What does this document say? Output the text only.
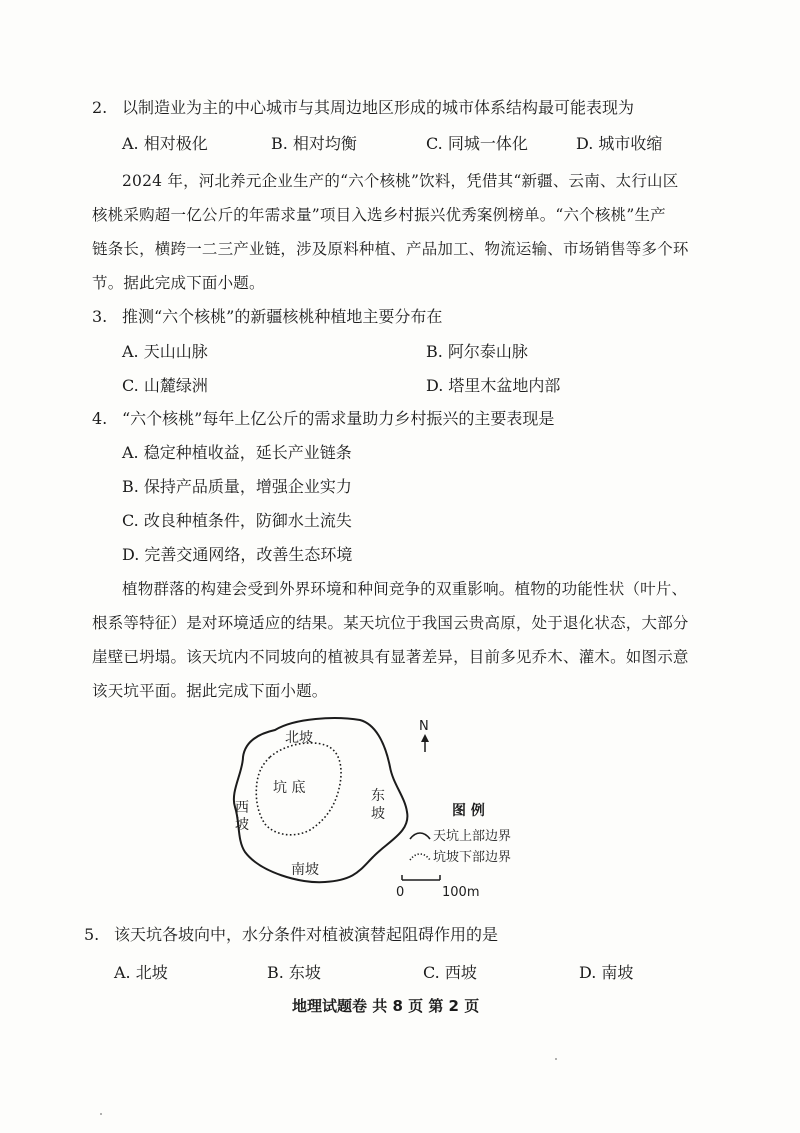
2. 以制造业为主的中心城市与其周边地区形成的城市体系结构最可能表现为
A. 相对极化	B. 相对均衡	C. 同城一体化	D. 城市收缩
2024 年，河北养元企业生产的“六个核桃”饮料，凭借其“新疆、云南、太行山区
核桃采购超一亿公斤的年需求量”项目入选乡村振兴优秀案例榜单。“六个核桃”生产
链条长，横跨一二三产业链，涉及原料种植、产品加工、物流运输、市场销售等多个环
节。据此完成下面小题。
3. 推测“六个核桃”的新疆核桃种植地主要分布在
A. 天山山脉	B. 阿尔泰山脉
C. 山麓绿洲	D. 塔里木盆地内部
4. “六个核桃”每年上亿公斤的需求量助力乡村振兴的主要表现是
A. 稳定种植收益，延长产业链条
B. 保持产品质量，增强企业实力
C. 改良种植条件，防御水土流失
D. 完善交通网络，改善生态环境
植物群落的构建会受到外界环境和种间竞争的双重影响。植物的功能性状（叶片、
根系等特征）是对环境适应的结果。某天坑位于我国云贵高原，处于退化状态，大部分
崖壁已坍塌。该天坑内不同坡向的植被具有显著差异，目前多见乔木、灌木。如图示意
该天坑平面。据此完成下面小题。
北坡
南坡
东
坡
西
坡
坑 底
N
图 例
天坑上部边界
坑坡下部边界
0	100m
5. 该天坑各坡向中，水分条件对植被演替起阻碍作用的是
A. 北坡	B. 东坡	C. 西坡	D. 南坡
地理试题卷 共 8 页 第 2 页
